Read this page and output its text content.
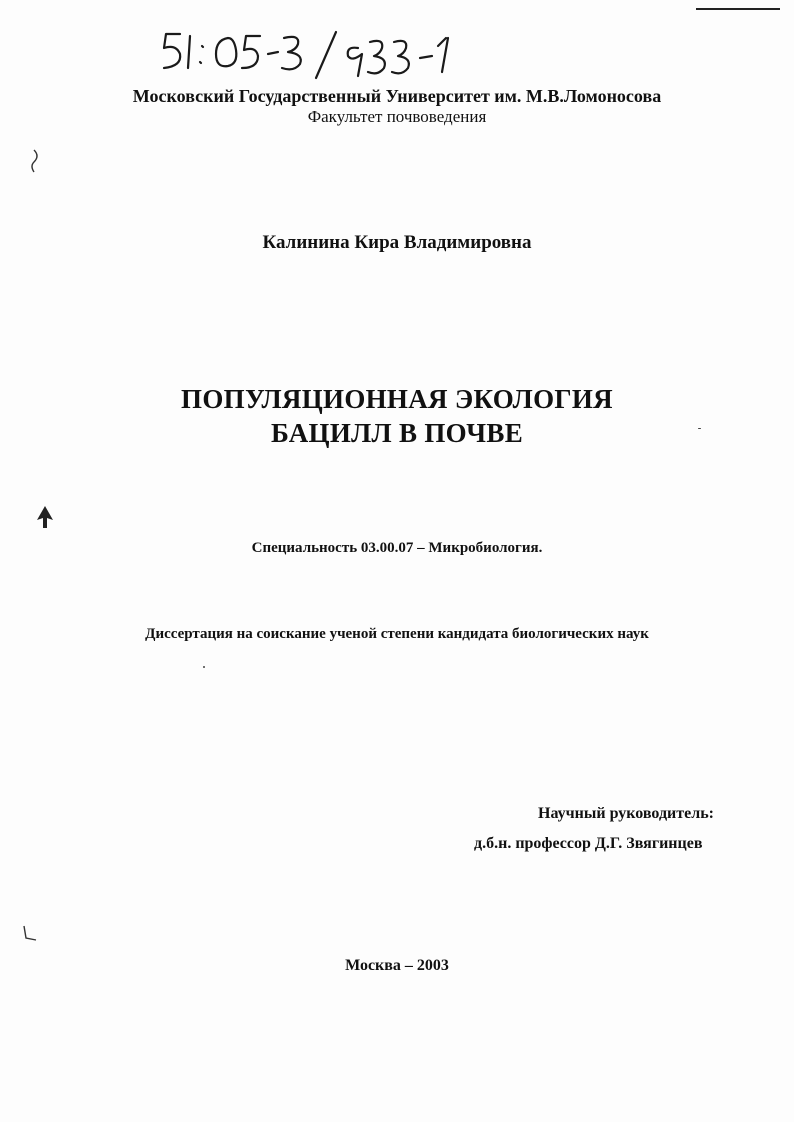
Московский Государственный Университет им. М.В.Ломоносова
Факультет почвоведения
Калинина Кира Владимировна
ПОПУЛЯЦИОННАЯ ЭКОЛОГИЯ
БАЦИЛЛ В ПОЧВЕ
Специальность 03.00.07 – Микробиология.
Диссертация на соискание ученой степени кандидата биологических наук
Научный руководитель:
д.б.н. профессор Д.Г. Звягинцев
Москва – 2003
